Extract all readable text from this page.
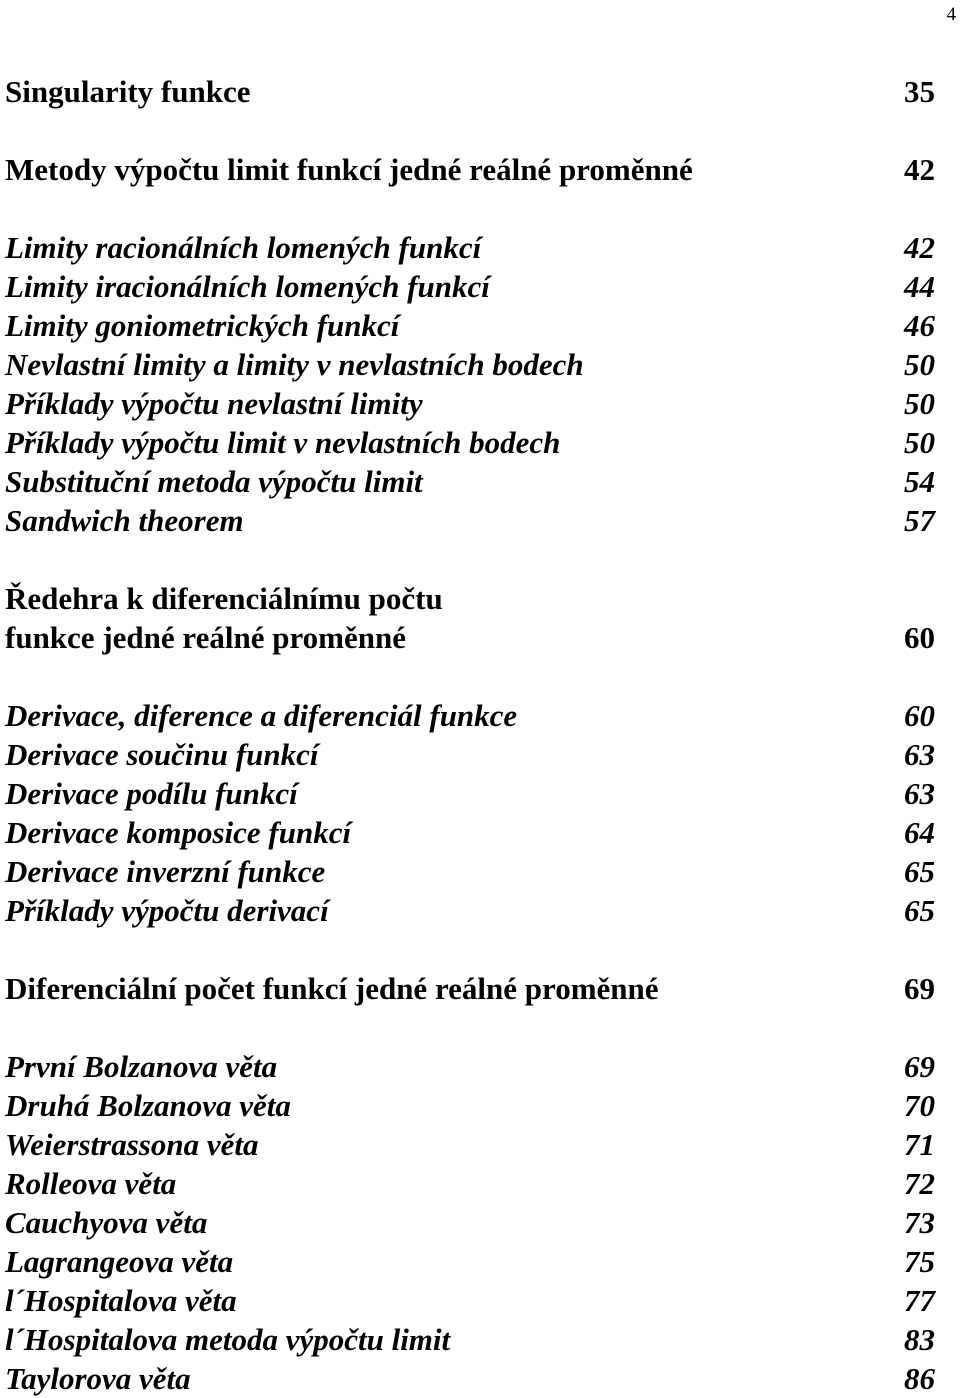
4
Singularity funkce	35
Metody výpočtu limit funkcí jedné reálné proměnné	42
Limity racionálních lomených funkcí	42
Limity iracionálních lomených funkcí	44
Limity goniometrických funkcí	46
Nevlastní limity a limity v nevlastních bodech	50
Příklady výpočtu nevlastní limity	50
Příklady výpočtu limit v nevlastních bodech	50
Substituční metoda výpočtu limit	54
Sandwich theorem	57
Ředehra k diferenciálnímu počtu
funkce jedné reálné proměnné	60
Derivace, diference a diferenciál funkce	60
Derivace součinu funkcí	63
Derivace podílu funkcí	63
Derivace komposice funkcí	64
Derivace inverzní funkce	65
Příklady výpočtu derivací	65
Diferenciální počet funkcí jedné reálné proměnné	69
První Bolzanova věta	69
Druhá Bolzanova věta	70
Weierstrassona věta	71
Rolleova věta	72
Cauchyova věta	73
Lagrangeova věta	75
l´Hospitalova věta	77
l´Hospitalova metoda výpočtu limit	83
Taylorova věta	86
